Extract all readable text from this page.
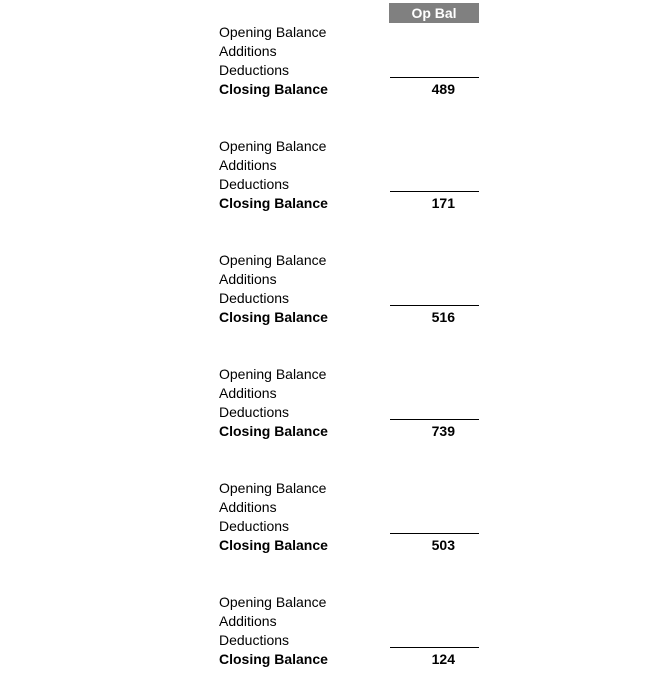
Op Bal
Opening Balance
Additions
Deductions
Closing Balance	489
Opening Balance
Additions
Deductions
Closing Balance	171
Opening Balance
Additions
Deductions
Closing Balance	516
Opening Balance
Additions
Deductions
Closing Balance	739
Opening Balance
Additions
Deductions
Closing Balance	503
Opening Balance
Additions
Deductions
Closing Balance	124
